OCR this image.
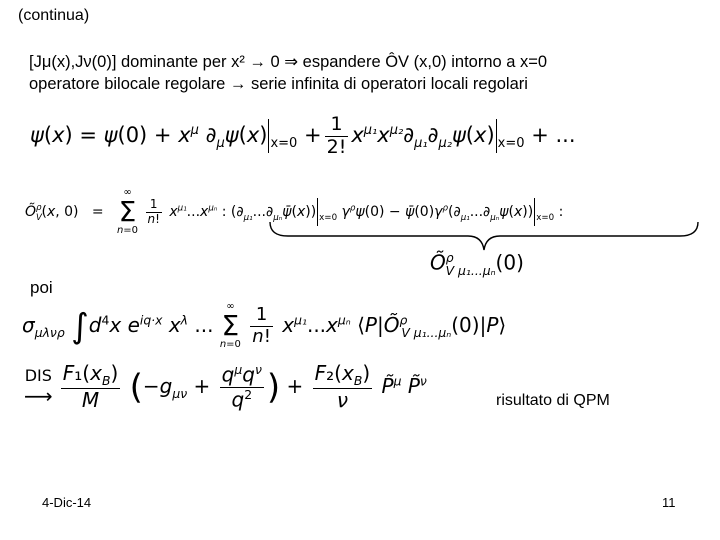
(continua)
[Jμ(x),Jν(0)] dominante per x² → 0 ⇒ espandere ÔV (x,0) intorno a x=0
operatore bilocale regolare → serie infinita di operatori locali regolari
$\psi(x) = \psi(0) + x^\mu$ $\partial_\mu\psi(x) _{x=0} + \frac{1}{2!} x^{\mu_1}x^{\mu_2}\partial_{\mu_1}\partial_{\mu_2}\psi(x) _{x=0}$ + ...
$Õ_V^\rho(x$, 0)   =
∞
Σ
n=0

$\frac{1}{n!} x^{\mu_1}...x^{\mu_n}$ : $(\partial_{\mu_1}...\partial_{\mu_n}\psī(x))$ $_{x=0}$ $\gamma^\rho\psi(0)$ − $\psī(0)\gamma^\rho(\partial_{\mu_1}...\partial_{\mu_n}\psi(x))$ $_{x=0}$ :
$Õ^\rho_{V \mu_1...\mu_n}(0)$
poi
$\sigma_{\mu\lambda\nu\rho}$ $\int d^4x$ $e^{iq\cdot x}$ $x^\lambda$ ...
∞
Σ
n=0
$\frac{1}{n!} x^{\mu_1}...x^{\mu_n}$ $⟨P|Õ^\rho_{V \mu_1...\mu_n}(0)|P⟩$
DIS
⟶
$\frac{F_1(x_B)}{M} (-g_{\mu\nu} + \frac{q^\mu q^\nu}{q^2}$ ) + $\frac{F_2(x_B)}{\nu}$ P̃$^\mu$ P̃$^\nu$
risultato di QPM
4-Dic-14	11
